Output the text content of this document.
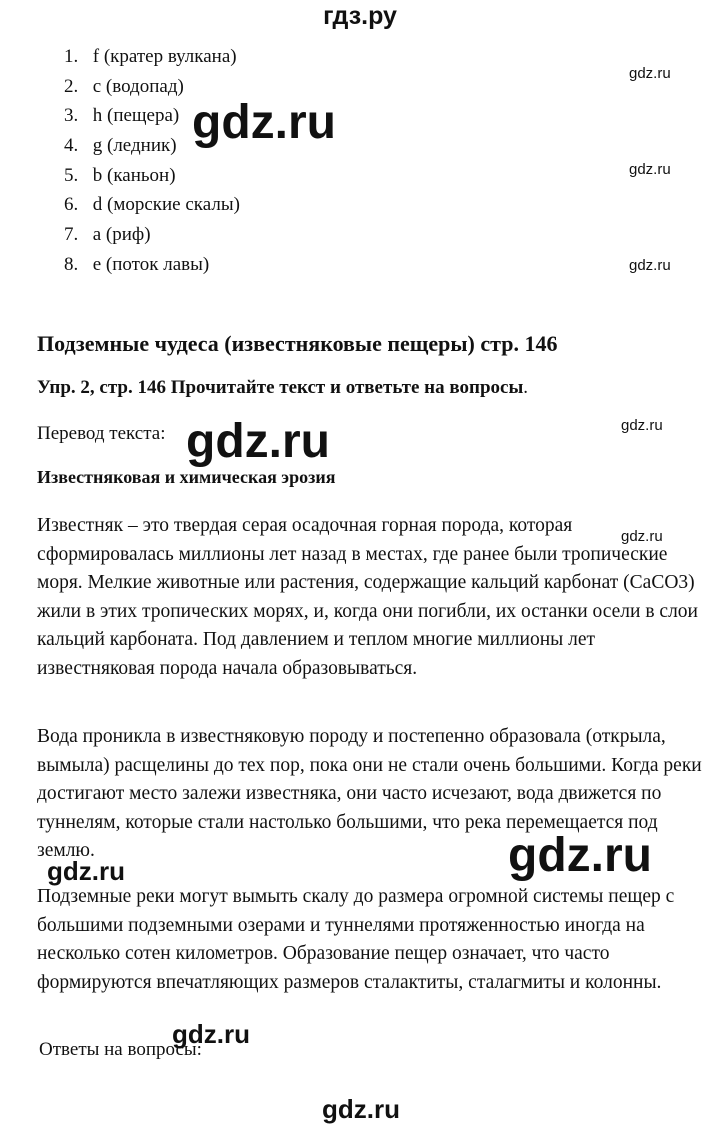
гдз.ру
1. f (кратер вулкана)
2. c (водопад)
3. h (пещера)
4. g (ледник)
5. b (каньон)
6. d (морские скалы)
7. a (риф)
8. e (поток лавы)
Подземные чудеса (известняковые пещеры) стр. 146
Упр. 2, стр. 146 Прочитайте текст и ответьте на вопросы.
Перевод текста:
Известняковая и химическая эрозия

Известняк – это твердая серая осадочная горная порода, которая сформировалась миллионы лет назад в местах, где ранее были тропические моря. Мелкие животные или растения, содержащие кальций карбонат (CaCO3) жили в этих тропических морях, и, когда они погибли, их останки осели в слои кальций карбоната. Под давлением и теплом многие миллионы лет известняковая порода начала образовываться.

Вода проникла в известняковую породу и постепенно образовала (открыла, вымыла) расщелины до тех пор, пока они не стали очень большими. Когда реки достигают место залежи известняка, они часто исчезают, вода движется по туннелям, которые стали настолько большими, что река перемещается под землю.

Подземные реки могут вымыть скалу до размера огромной системы пещер с большими подземными озерами и туннелями протяженностью иногда на несколько сотен километров. Образование пещер означает, что часто формируются впечатляющих размеров сталактиты, сталагмиты и колонны.

Ответы на вопросы:
gdz.ru
gdz.ru
gdz.ru
gdz.ru
gdz.ru
gdz.ru
gdz.ru
gdz.ru
gdz.ru
gdz.ru
gdz.ru
